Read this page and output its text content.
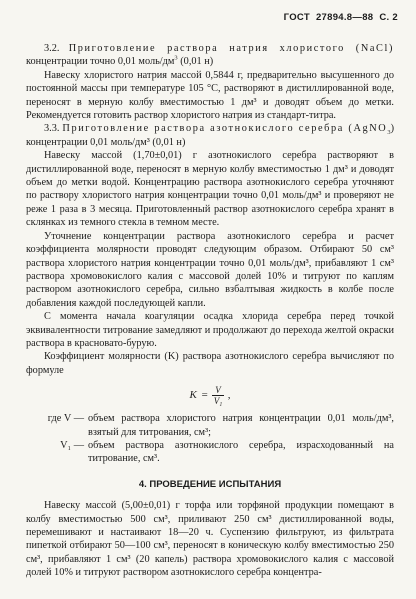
ГОСТ 27894.8—88 С. 2

3.2. Приготовление раствора натрия хлористого (NaCl) концентрации точно 0,01 моль/$дм^3$ (0,01 н)

Навеску хлористого натрия массой 0,5844 г, предварительно высушенного до постоянной массы при температуре 105 °С, растворяют в дистиллированной воде, переносят в мерную колбу вместимостью 1 дм³ и доводят объем до метки. Рекомендуется готовить раствор хлористого натрия из стандарт-титра.

3.3. Приготовление раствора азотнокислого серебра (AgNO$_3$) концентрации 0,01 моль/дм³ (0,01 н)

Навеску массой (1,70±0,01) г азотнокислого серебра растворяют в дистиллированной воде, переносят в мерную колбу вместимостью 1 дм³ и доводят объем до метки водой. Концентрацию раствора азотнокислого серебра уточняют по раствору хлористого натрия концентрации точно 0,01 моль/дм³ и проверяют не реже 1 раза в 3 месяца. Приготовленный раствор азотнокислого серебра хранят в склянках из темного стекла в темном месте.

Уточнение концентрации раствора азотнокислого серебра и расчет коэффициента молярности проводят следующим образом. Отбирают 50 см³ раствора хлористого натрия концентрации точно 0,01 моль/дм³, прибавляют 1 см³ раствора хромовокислого калия с массовой долей 10% и титруют по каплям раствором азотнокислого серебра, сильно взбалтывая жидкость в колбе после добавления каждой последующей капли.

С момента начала коагуляции осадка хлорида серебра перед точкой эквивалентности титрование замедляют и продолжают до перехода желтой окраски раствора в красновато-бурую.

Коэффициент молярности (K) раствора азотнокислого серебра вычисляют по формуле

$K = \frac{V}{\text{V₁}}$ ,
где V — объем раствора хлористого натрия концентрации 0,01 моль/дм³, взятый для титрования, см³;
V₁ — объем раствора азотнокислого серебра, израсходованный на титрование, см³.
4. ПРОВЕДЕНИЕ ИСПЫТАНИЯ

Навеску массой (5,00±0,01) г торфа или торфяной продукции помещают в колбу вместимостью 500 см³, приливают 250 см³ дистиллированной воды, перемешивают и настаивают 18—20 ч. Суспензию фильтруют, из фильтрата пипеткой отбирают 50—100 см³, переносят в коническую колбу вместимостью 250 см³, прибавляют 1 см³ (20 капель) раствора хромовокислого калия с массовой долей 10% и титруют раствором азотнокислого серебра концентра-
